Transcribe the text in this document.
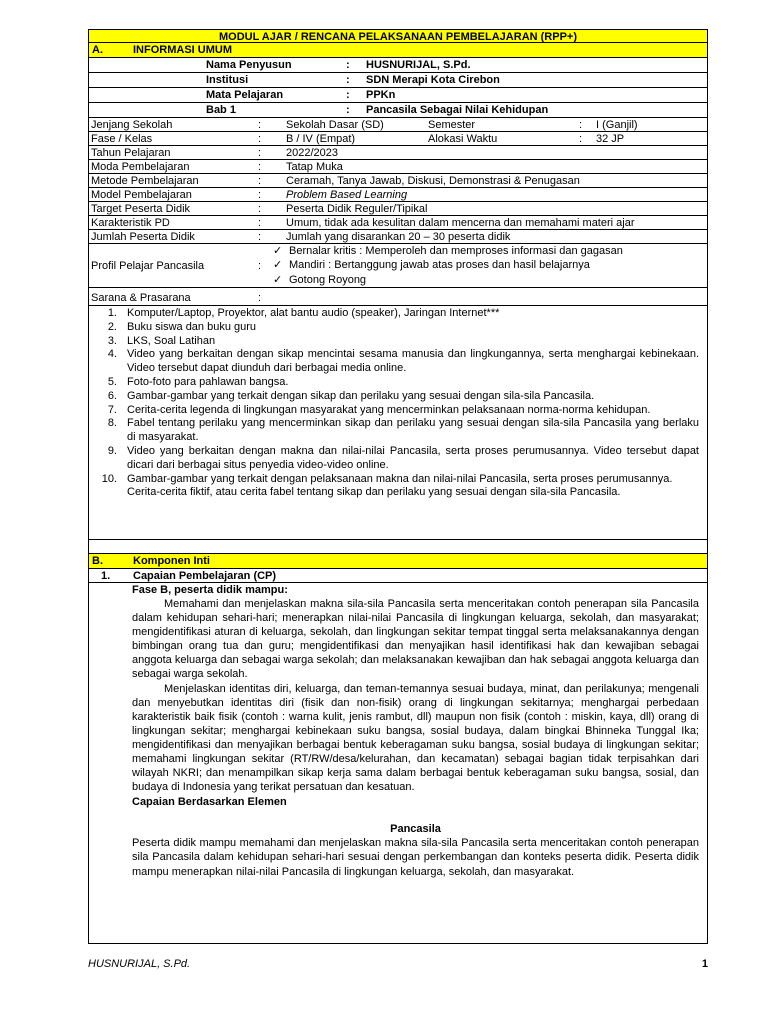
MODUL AJAR / RENCANA PELAKSANAAN PEMBELAJARAN (RPP+)
A.	INFORMASI UMUM
Nama Penyusun	: HUSNURIJAL, S.Pd.
Institusi	: SDN Merapi Kota Cirebon
Mata Pelajaran	: PPKn
Bab 1	: Pancasila Sebagai Nilai Kehidupan
Jenjang Sekolah	: Sekolah Dasar (SD)	Semester	: I (Ganjil)
Fase / Kelas	: B / IV (Empat)	Alokasi Waktu	: 32 JP
Tahun Pelajaran	: 2022/2023
Moda Pembelajaran	: Tatap Muka
Metode Pembelajaran	: Ceramah, Tanya Jawab, Diskusi, Demonstrasi & Penugasan
Model Pembelajaran	: Problem Based Learning
Target Peserta Didik	: Peserta Didik Reguler/Tipikal
Karakteristik PD	: Umum, tidak ada kesulitan dalam mencerna dan memahami materi ajar
Jumlah Peserta Didik	: Jumlah yang disarankan 20 – 30 peserta didik
Profil Pelajar Pancasila	:
✓ Bernalar kritis : Memperoleh dan memproses informasi dan gagasan
✓ Mandiri : Bertanggung jawab atas proses dan hasil belajarnya
✓ Gotong Royong
Sarana & Prasarana	:
1. Komputer/Laptop, Proyektor, alat bantu audio (speaker), Jaringan Internet***
2. Buku siswa dan buku guru
3. LKS, Soal Latihan
4. Video yang berkaitan dengan sikap mencintai sesama manusia dan lingkungannya, serta menghargai kebinekaan. Video tersebut dapat diunduh dari berbagai media online.
5. Foto-foto para pahlawan bangsa.
6. Gambar-gambar yang terkait dengan sikap dan perilaku yang sesuai dengan sila-sila Pancasila.
7. Cerita-cerita legenda di lingkungan masyarakat yang mencerminkan pelaksanaan norma-norma kehidupan.
8. Fabel tentang perilaku yang mencerminkan sikap dan perilaku yang sesuai dengan sila-sila Pancasila yang berlaku di masyarakat.
9. Video yang berkaitan dengan makna dan nilai-nilai Pancasila, serta proses perumusannya. Video tersebut dapat dicari dari berbagai situs penyedia video-video online.
10. Gambar-gambar yang terkait dengan pelaksanaan makna dan nilai-nilai Pancasila, serta proses perumusannya.
Cerita-cerita fiktif, atau cerita fabel tentang sikap dan perilaku yang sesuai dengan sila-sila Pancasila.
B.	Komponen Inti
1. Capaian Pembelajaran (CP)
Fase B, peserta didik mampu:

Memahami dan menjelaskan makna sila-sila Pancasila serta menceritakan contoh penerapan sila Pancasila dalam kehidupan sehari-hari; menerapkan nilai-nilai Pancasila di lingkungan keluarga, sekolah, dan masyarakat; mengidentifikasi aturan di keluarga, sekolah, dan lingkungan sekitar tempat tinggal serta melaksanakannya dengan bimbingan orang tua dan guru; mengidentifikasi dan menyajikan hasil identifikasi hak dan kewajiban sebagai anggota keluarga dan sebagai warga sekolah; dan melaksanakan kewajiban dan hak sebagai anggota keluarga dan sebagai warga sekolah.

Menjelaskan identitas diri, keluarga, dan teman-temannya sesuai budaya, minat, dan perilakunya; mengenali dan menyebutkan identitas diri (fisik dan non-fisik) orang di lingkungan sekitarnya; menghargai perbedaan karakteristik baik fisik (contoh : warna kulit, jenis rambut, dll) maupun non fisik (contoh : miskin, kaya, dll) orang di lingkungan sekitar; menghargai kebinekaan suku bangsa, sosial budaya, dalam bingkai Bhinneka Tunggal Ika; mengidentifikasi dan menyajikan berbagai bentuk keberagaman suku bangsa, sosial budaya di lingkungan sekitar; memahami lingkungan sekitar (RT/RW/desa/kelurahan, dan kecamatan) sebagai bagian tidak terpisahkan dari wilayah NKRI; dan menampilkan sikap kerja sama dalam berbagai bentuk keberagaman suku bangsa, sosial, dan budaya di Indonesia yang terikat persatuan dan kesatuan.

Capaian Berdasarkan Elemen
Pancasila

Peserta didik mampu memahami dan menjelaskan makna sila-sila Pancasila serta menceritakan contoh penerapan sila Pancasila dalam kehidupan sehari-hari sesuai dengan perkembangan dan konteks peserta didik. Peserta didik mampu menerapkan nilai-nilai Pancasila di lingkungan keluarga, sekolah, dan masyarakat.

HUSNURIJAL, S.Pd.	1
